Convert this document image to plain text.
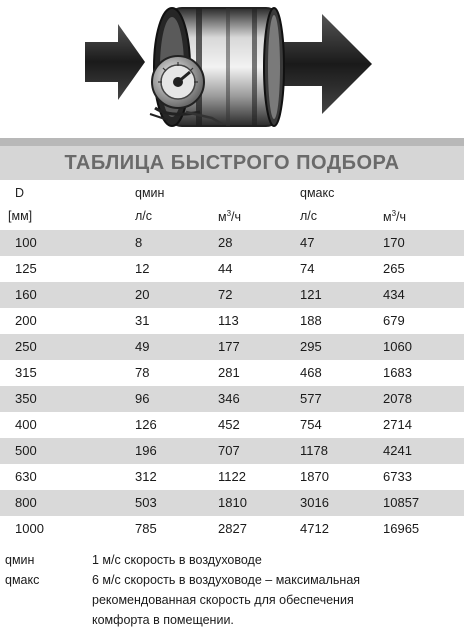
ТАБЛИЦА БЫСТРОГО ПОДБОРА
D	qмин	qмакс
[мм]	л/с	$м^3/ч$	л/с	$м^3/ч$
100	8	28	47	170
125	12	44	74	265
160	20	72	121	434
200	31	113	188	679
250	49	177	295	1060
315	78	281	468	1683
350	96	346	577	2078
400	126	452	754	2714
500	196	707	1178	4241
630	312	1122	1870	6733
800	503	1810	3016	10857
1000	785	2827	4712	16965
qмин	1 м/с скорость в воздуховоде
qмакс	6 м/с скорость в воздуховоде – максимальная
рекомендованная скорость для обеспечения
комфорта в помещении.
